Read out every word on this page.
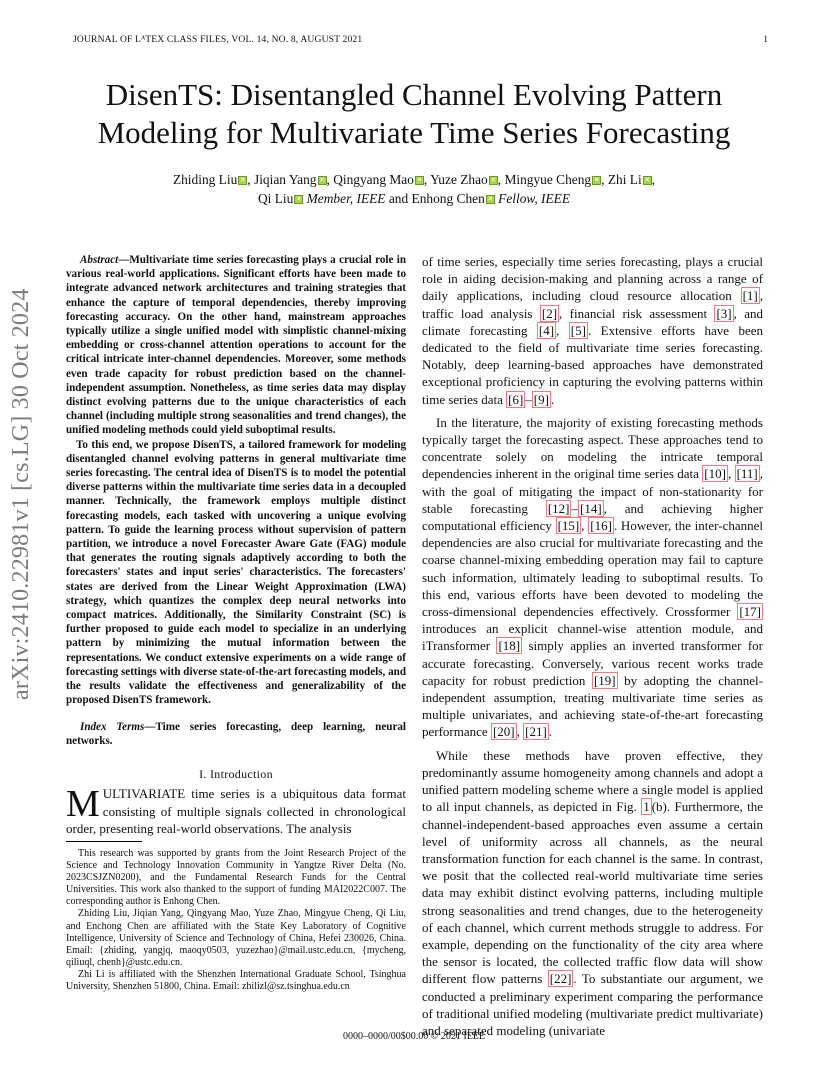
JOURNAL OF LᴬTEX CLASS FILES, VOL. 14, NO. 8, AUGUST 2021	1
DisenTS: Disentangled Channel Evolving Pattern
Modeling for Multivariate Time Series Forecasting
Zhiding Liu ✕ , Jiqian Yang ✕ , Qingyang Mao ✕ , Yuze Zhao ✕ , Mingyue Cheng ✕ , Zhi Li ✕ ,
Qi Liu ✕ Member, IEEE and Enhong Chen ✕ Fellow, IEEE
arXiv:2410.22981v1 [cs.LG] 30 Oct 2024

Abstract—Multivariate time series forecasting plays a crucial role in various real-world applications. Significant efforts have been made to integrate advanced network architectures and training strategies that enhance the capture of temporal dependencies, thereby improving forecasting accuracy. On the other hand, mainstream approaches typically utilize a single unified model with simplistic channel-mixing embedding or cross-channel attention operations to account for the critical intricate inter-channel dependencies. Moreover, some methods even trade capacity for robust prediction based on the channel-independent assumption. Nonetheless, as time series data may display distinct evolving patterns due to the unique characteristics of each channel (including multiple strong seasonalities and trend changes), the unified modeling methods could yield suboptimal results.

To this end, we propose DisenTS, a tailored framework for modeling disentangled channel evolving patterns in general multivariate time series forecasting. The central idea of DisenTS is to model the potential diverse patterns within the multivariate time series data in a decoupled manner. Technically, the framework employs multiple distinct forecasting models, each tasked with uncovering a unique evolving pattern. To guide the learning process without supervision of pattern partition, we introduce a novel Forecaster Aware Gate (FAG) module that generates the routing signals adaptively according to both the forecasters' states and input series' characteristics. The forecasters' states are derived from the Linear Weight Approximation (LWA) strategy, which quantizes the complex deep neural networks into compact matrices. Additionally, the Similarity Constraint (SC) is further proposed to guide each model to specialize in an underlying pattern by minimizing the mutual information between the representations. We conduct extensive experiments on a wide range of forecasting settings with diverse state-of-the-art forecasting models, and the results validate the effectiveness and generalizability of the proposed DisenTS framework.

Index Terms—Time series forecasting, deep learning, neural networks.
I. Introduction
MULTIVARIATE time series is a ubiquitous data format consisting of multiple signals collected in chronological order, presenting real-world observations. The analysis

This research was supported by grants from the Joint Research Project of the Science and Technology Innovation Community in Yangtze River Delta (No. 2023CSJZN0200), and the Fundamental Research Funds for the Central Universities. This work also thanked to the support of funding MAI2022C007. The corresponding author is Enhong Chen.

Zhiding Liu, Jiqian Yang, Qingyang Mao, Yuze Zhao, Mingyue Cheng, Qi Liu, and Enchong Chen are affiliated with the State Key Laboratory of Cognitive Intelligence, University of Science and Technology of China, Hefei 230026, China. Email: {zhiding, yangjq, maoqy0503, yuzezhao}@mail.ustc.edu.cn, {mycheng, qiliuql, chenh}@ustc.edu.cn.

Zhi Li is affiliated with the Shenzhen International Graduate School, Tsinghua University, Shenzhen 51800, China. Email: zhilizl@sz.tsinghua.edu.cn

of time series, especially time series forecasting, plays a crucial role in aiding decision-making and planning across a range of daily applications, including cloud resource allocation [1] , traffic load analysis [2] , financial risk assessment [3] , and climate forecasting [4] , [5] . Extensive efforts have been dedicated to the field of multivariate time series forecasting. Notably, deep learning-based approaches have demonstrated exceptional proficiency in capturing the evolving patterns within time series data [6] – [9] .

In the literature, the majority of existing forecasting methods typically target the forecasting aspect. These approaches tend to concentrate solely on modeling the intricate temporal dependencies inherent in the original time series data [10] , [11] , with the goal of mitigating the impact of non-stationarity for stable forecasting [12] – [14] , and achieving higher computational efficiency [15] , [16] . However, the inter-channel dependencies are also crucial for multivariate forecasting and the coarse channel-mixing embedding operation may fail to capture such information, ultimately leading to suboptimal results. To this end, various efforts have been devoted to modeling the cross-dimensional dependencies effectively. Crossformer [17] introduces an explicit channel-wise attention module, and iTransformer [18] simply applies an inverted transformer for accurate forecasting. Conversely, various recent works trade capacity for robust prediction [19] by adopting the channel-independent assumption, treating multivariate time series as multiple univariates, and achieving state-of-the-art forecasting performance [20] , [21] .

While these methods have proven effective, they predominantly assume homogeneity among channels and adopt a unified pattern modeling scheme where a single model is applied to all input channels, as depicted in Fig. 1 (b). Furthermore, the channel-independent-based approaches even assume a certain level of uniformity across all channels, as the neural transformation function for each channel is the same. In contrast, we posit that the collected real-world multivariate time series data may exhibit distinct evolving patterns, including multiple strong seasonalities and trend changes, due to the heterogeneity of each channel, which current methods struggle to address. For example, depending on the functionality of the city area where the sensor is located, the collected traffic flow data will show different flow patterns [22] . To substantiate our argument, we conducted a preliminary experiment comparing the performance of traditional unified modeling (multivariate predict multivariate) and separated modeling (univariate

0000–0000/00$00.00 © 2021 IEEE
